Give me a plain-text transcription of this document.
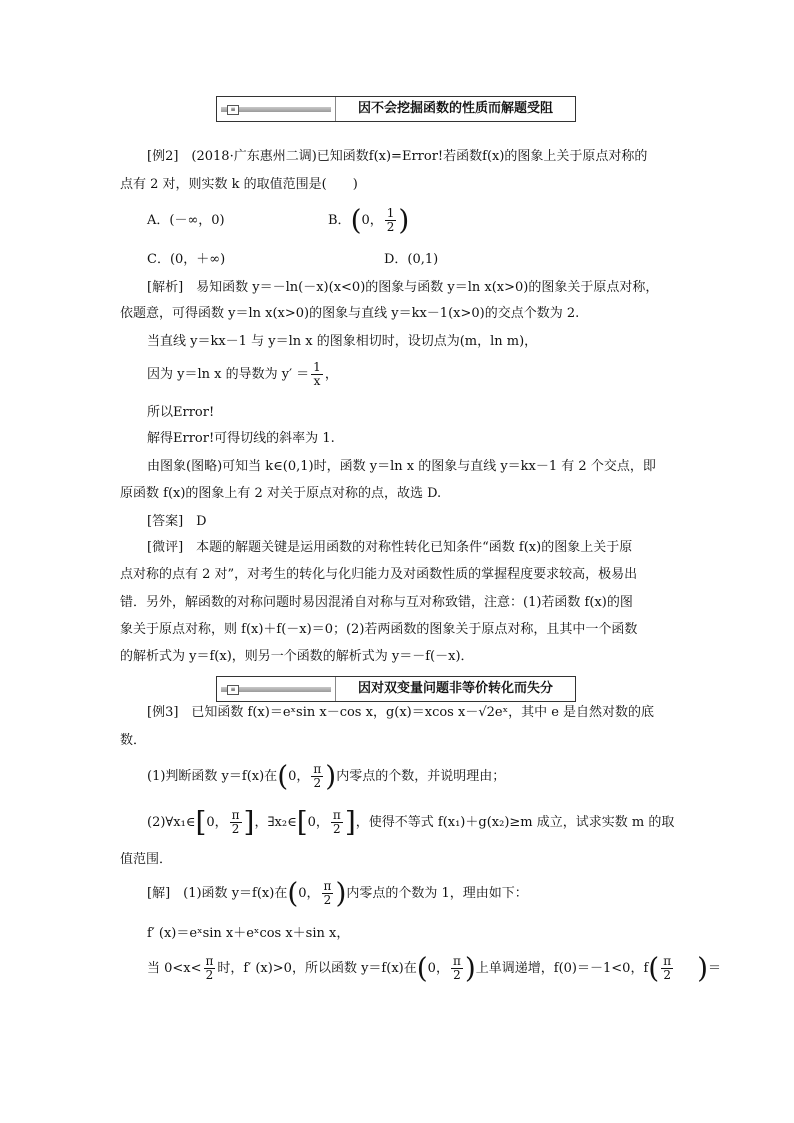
≡	因不会挖掘函数的性质而解题受阻
[例2]　(2018·广东惠州二调)已知函数f(x)=Error!若函数f(x)的图象上关于原点对称的
点有 2 对，则实数 k 的取值范围是(　　)
A．(－∞，0)	B．(0， $\frac{1}{2}$ )
C．(0，＋∞)	D．(0,1)
[解析]　易知函数 y＝－ln(－x)(x<0)的图象与函数 y＝ln x(x>0)的图象关于原点对称，
依题意，可得函数 y＝ln x(x>0)的图象与直线 y＝kx－1(x>0)的交点个数为 2.
当直线 y＝kx－1 与 y＝ln x 的图象相切时，设切点为(m，ln m)，
因为 y＝ln x 的导数为 $y' = \frac{1}{x}$ ，
所以Error!
解得Error!可得切线的斜率为 1.
由图象(图略)可知当 k∈(0,1)时，函数 y＝ln x 的图象与直线 y＝kx－1 有 2 个交点，即
原函数 f(x)的图象上有 2 对关于原点对称的点，故选 D.
[答案]　D
[微评]　本题的解题关键是运用函数的对称性转化已知条件“函数 f(x)的图象上关于原
点对称的点有 2 对”，对考生的转化与化归能力及对函数性质的掌握程度要求较高，极易出
错．另外，解函数的对称问题时易因混淆自对称与互对称致错，注意：(1)若函数 f(x)的图
象关于原点对称，则 f(x)＋f(－x)＝0；(2)若两函数的图象关于原点对称，且其中一个函数
的解析式为 y＝f(x)，则另一个函数的解析式为 y＝－f(－x)．
≡	因对双变量问题非等价转化而失分
[例3]　已知函数 f(x)＝eˣsin x－cos x，g(x)＝xcos x－√2eˣ，其中 e 是自然对数的底
数．
(1)判断函数 y＝f(x)在(0， $\frac{\pi}{2}$ )内零点的个数，并说明理由；
(2)∀x₁∈[0， $\frac{\pi}{2}$ ]，∃x₂∈[0， $\frac{\pi}{2}$ ]，使得不等式 f(x₁)＋g(x₂)≥m 成立，试求实数 m 的取
值范围．
[解]　(1)函数 y＝f(x)在(0， $\frac{\pi}{2}$ )内零点的个数为 1，理由如下：
f′ (x)＝eˣsin x＋eˣcos x＋sin x，
当 $0<x< \frac{\pi}{2}$ 时，f′ (x)>0，所以函数 y＝f(x)在(0， $\frac{\pi}{2}$ )上单调递增，f(0)＝－1<0，$f( \frac{\pi}{2}$ )＝
